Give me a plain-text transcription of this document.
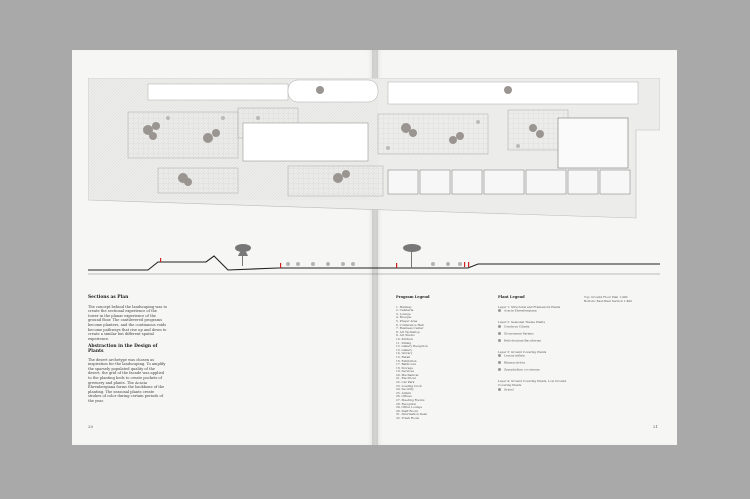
Sections as Plan
The concept behind the landscaping was to create the sectional experience of the tower in the planar experience of the ground floor. The cantilevered programs become planters, and the continuous voids become pathways that rise up and down to create a similar but different spatial experience.
Abstraction in the Design of Plants
The desert archetype was chosen as inspiration for the landscaping. To amplify the sparsely populated quality of the desert, the grid of the facade was applied to the planting beds to create pockets of greenery and plants. The Acacia Ehrenbergiana forms the backbone of the planting. The seasonal plants create strokes of color during certain periods of the year.
20
Program Legend
1. Hallway
2. Cafeteria
3. Lounge
4. Mosque
5. Prayer Area
6. Conference Hall
7. Business Center
8. Art Workshop
9. Art Studio
10. Kitchen
11. Dining
12. Gallery Reception
13. Gallery
14. Library
15. Retail
16. Exhibition
17. Bathroom
18. Storage
19. Services
20. Mechanical
21. Electrical
22. Car Park
23. Loading Dock
24. Security
25. Admin
26. Offices
27. Meeting Rooms
28. Reception
29. Office Lounge
30. Staff Room
31. Information Desk
32. Trash Room
Plant Legend
Layer 1: Structural and Framework Plants
Acacia Ehrenbergiana
Layer 2: Seasonal Theme Plants
Cenchrus Ciliaris
Glossonema Varians
Heliotropium Bacciferum
Layer 3: Ground Covering Plants
Leucas inflata
Rhazya stricta
Zygophyllum coccineum
Layer 4: Ground Covering Plants, Low Ground Covering Plants
Gravel
Top: Ground Floor Plan 1:400
Bottom: East-West Section 1:400
21
